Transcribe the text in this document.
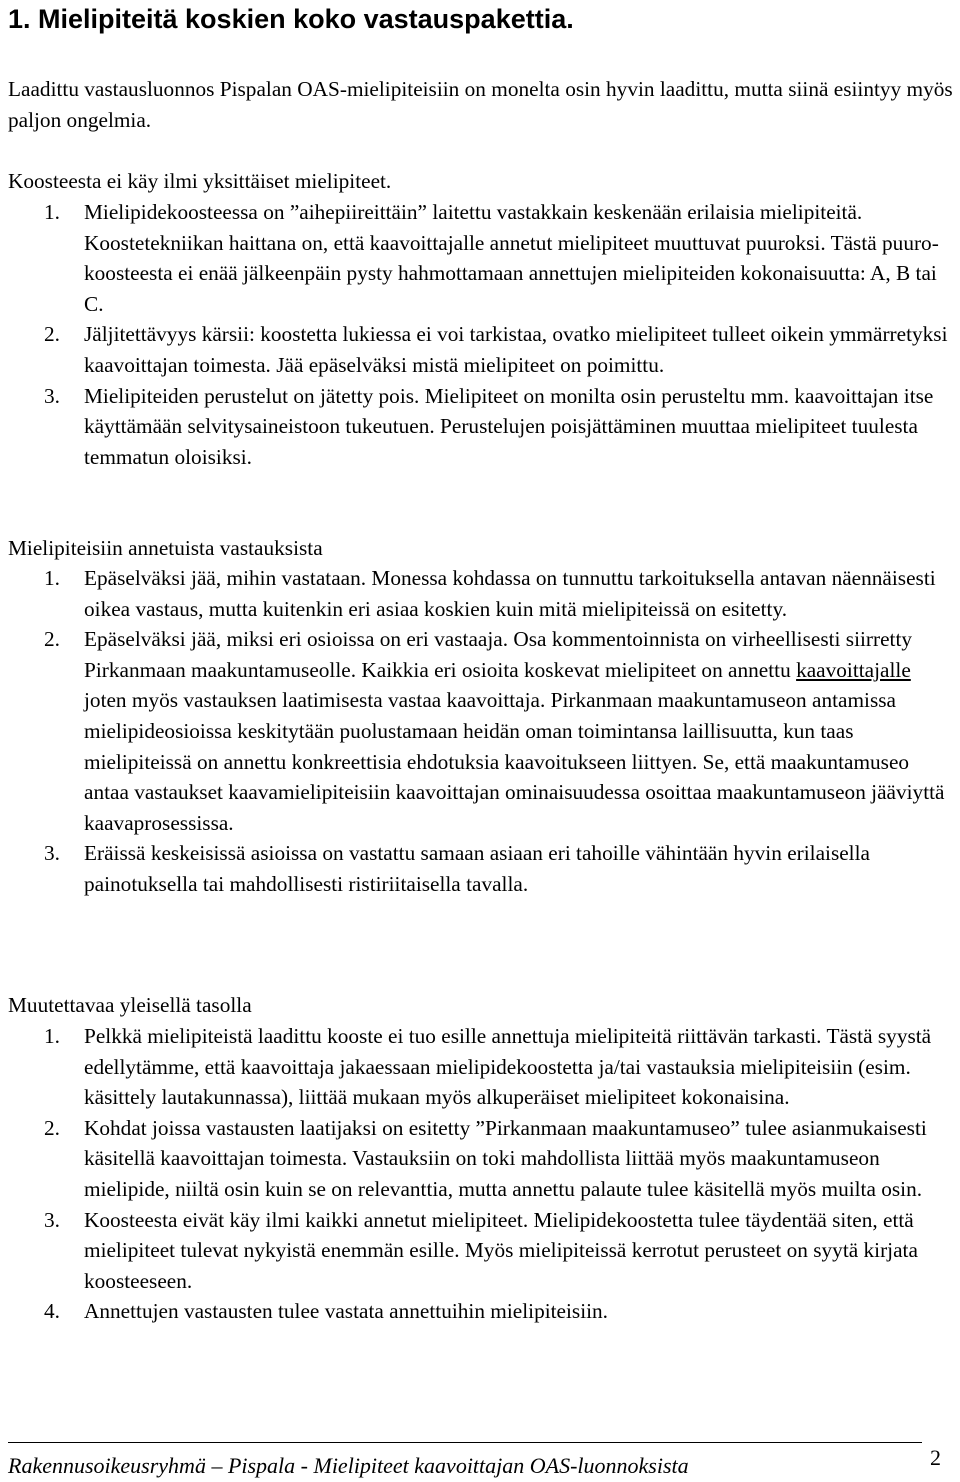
1. Mielipiteitä koskien koko vastauspakettia.

Laadittu vastausluonnos Pispalan OAS-mielipiteisiin on monelta osin hyvin laadittu, mutta siinä esiintyy myös paljon ongelmia.

Koosteesta ei käy ilmi yksittäiset mielipiteet.

1. Mielipidekoosteessa on ”aihepiireittäin” laitettu vastakkain keskenään erilaisia mielipiteitä. Koostetekniikan haittana on, että kaavoittajalle annetut mielipiteet muuttuvat puuroksi. Tästä puuro-koosteesta ei enää jälkeenpäin pysty hahmottamaan annettujen mielipiteiden kokonaisuutta: A, B tai C.
2. Jäljitettävyys kärsii: koostetta lukiessa ei voi tarkistaa, ovatko mielipiteet tulleet oikein ymmärretyksi kaavoittajan toimesta. Jää epäselväksi mistä mielipiteet on poimittu.
3. Mielipiteiden perustelut on jätetty pois. Mielipiteet on monilta osin perusteltu mm. kaavoittajan itse käyttämään selvitysaineistoon tukeutuen. Perustelujen poisjättäminen muuttaa mielipiteet tuulesta temmatun oloisiksi.

Mielipiteisiin annetuista vastauksista

1. Epäselväksi jää, mihin vastataan. Monessa kohdassa on tunnuttu tarkoituksella antavan näennäisesti oikea vastaus, mutta kuitenkin eri asiaa koskien kuin mitä mielipiteissä on esitetty.
2. Epäselväksi jää, miksi eri osioissa on eri vastaaja. Osa kommentoinnista on virheellisesti siirretty Pirkanmaan maakuntamuseolle. Kaikkia eri osioita koskevat mielipiteet on annettu kaavoittajalle joten myös vastauksen laatimisesta vastaa kaavoittaja. Pirkanmaan maakuntamuseon antamissa mielipideosioissa keskitytään puolustamaan heidän oman toimintansa laillisuutta, kun taas mielipiteissä on annettu konkreettisia ehdotuksia kaavoitukseen liittyen. Se, että maakuntamuseo antaa vastaukset kaavamielipiteisiin kaavoittajan ominaisuudessa osoittaa maakuntamuseon jääviyttä kaavaprosessissa.
3. Eräissä keskeisissä asioissa on vastattu samaan asiaan eri tahoille vähintään hyvin erilaisella painotuksella tai mahdollisesti ristiriitaisella tavalla.

Muutettavaa yleisellä tasolla

1. Pelkkä mielipiteistä laadittu kooste ei tuo esille annettuja mielipiteitä riittävän tarkasti. Tästä syystä edellytämme, että kaavoittaja jakaessaan mielipidekoostetta ja/tai vastauksia mielipiteisiin (esim. käsittely lautakunnassa), liittää mukaan myös alkuperäiset mielipiteet kokonaisina.
2. Kohdat joissa vastausten laatijaksi on esitetty ”Pirkanmaan maakuntamuseo” tulee asianmukaisesti käsitellä kaavoittajan toimesta. Vastauksiin on toki mahdollista liittää myös maakuntamuseon mielipide, niiltä osin kuin se on relevanttia, mutta annettu palaute tulee käsitellä myös muilta osin.
3. Koosteesta eivät käy ilmi kaikki annetut mielipiteet. Mielipidekoostetta tulee täydentää siten, että mielipiteet tulevat nykyistä enemmän esille. Myös mielipiteissä kerrotut perusteet on syytä kirjata koosteeseen.
4. Annettujen vastausten tulee vastata annettuihin mielipiteisiin.

Rakennusoikeusryhmä – Pispala - Mielipiteet kaavoittajan OAS-luonnoksista	2
